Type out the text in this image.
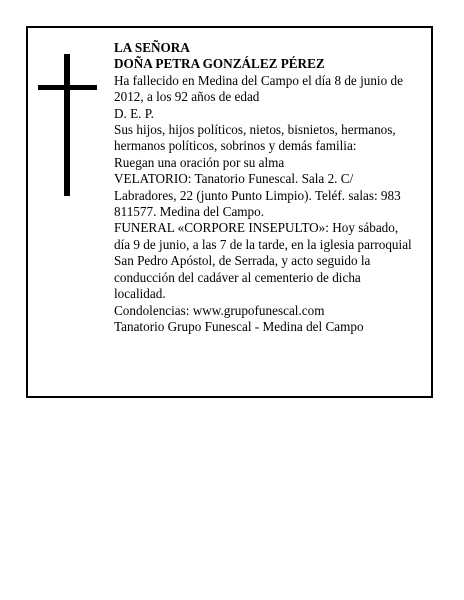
LA SEÑORA

DOÑA PETRA GONZÁLEZ PÉREZ

Ha fallecido en Medina del Campo el día 8 de junio de 2012, a los 92 años de edad

D. E. P.

Sus hijos, hijos políticos, nietos, bisnietos, hermanos, hermanos políticos, sobrinos y demás familia:

Ruegan una oración por su alma

VELATORIO: Tanatorio Funescal. Sala 2. C/ Labradores, 22 (junto Punto Limpio). Teléf. salas: 983 811577. Medina del Campo.

FUNERAL «CORPORE INSEPULTO»: Hoy sábado, día 9 de junio, a las 7 de la tarde, en la iglesia parroquial San Pedro Apóstol, de Serrada, y acto seguido la conducción del cadáver al cementerio de dicha localidad.

Condolencias: www.grupofunescal.com

Tanatorio Grupo Funescal - Medina del Campo
